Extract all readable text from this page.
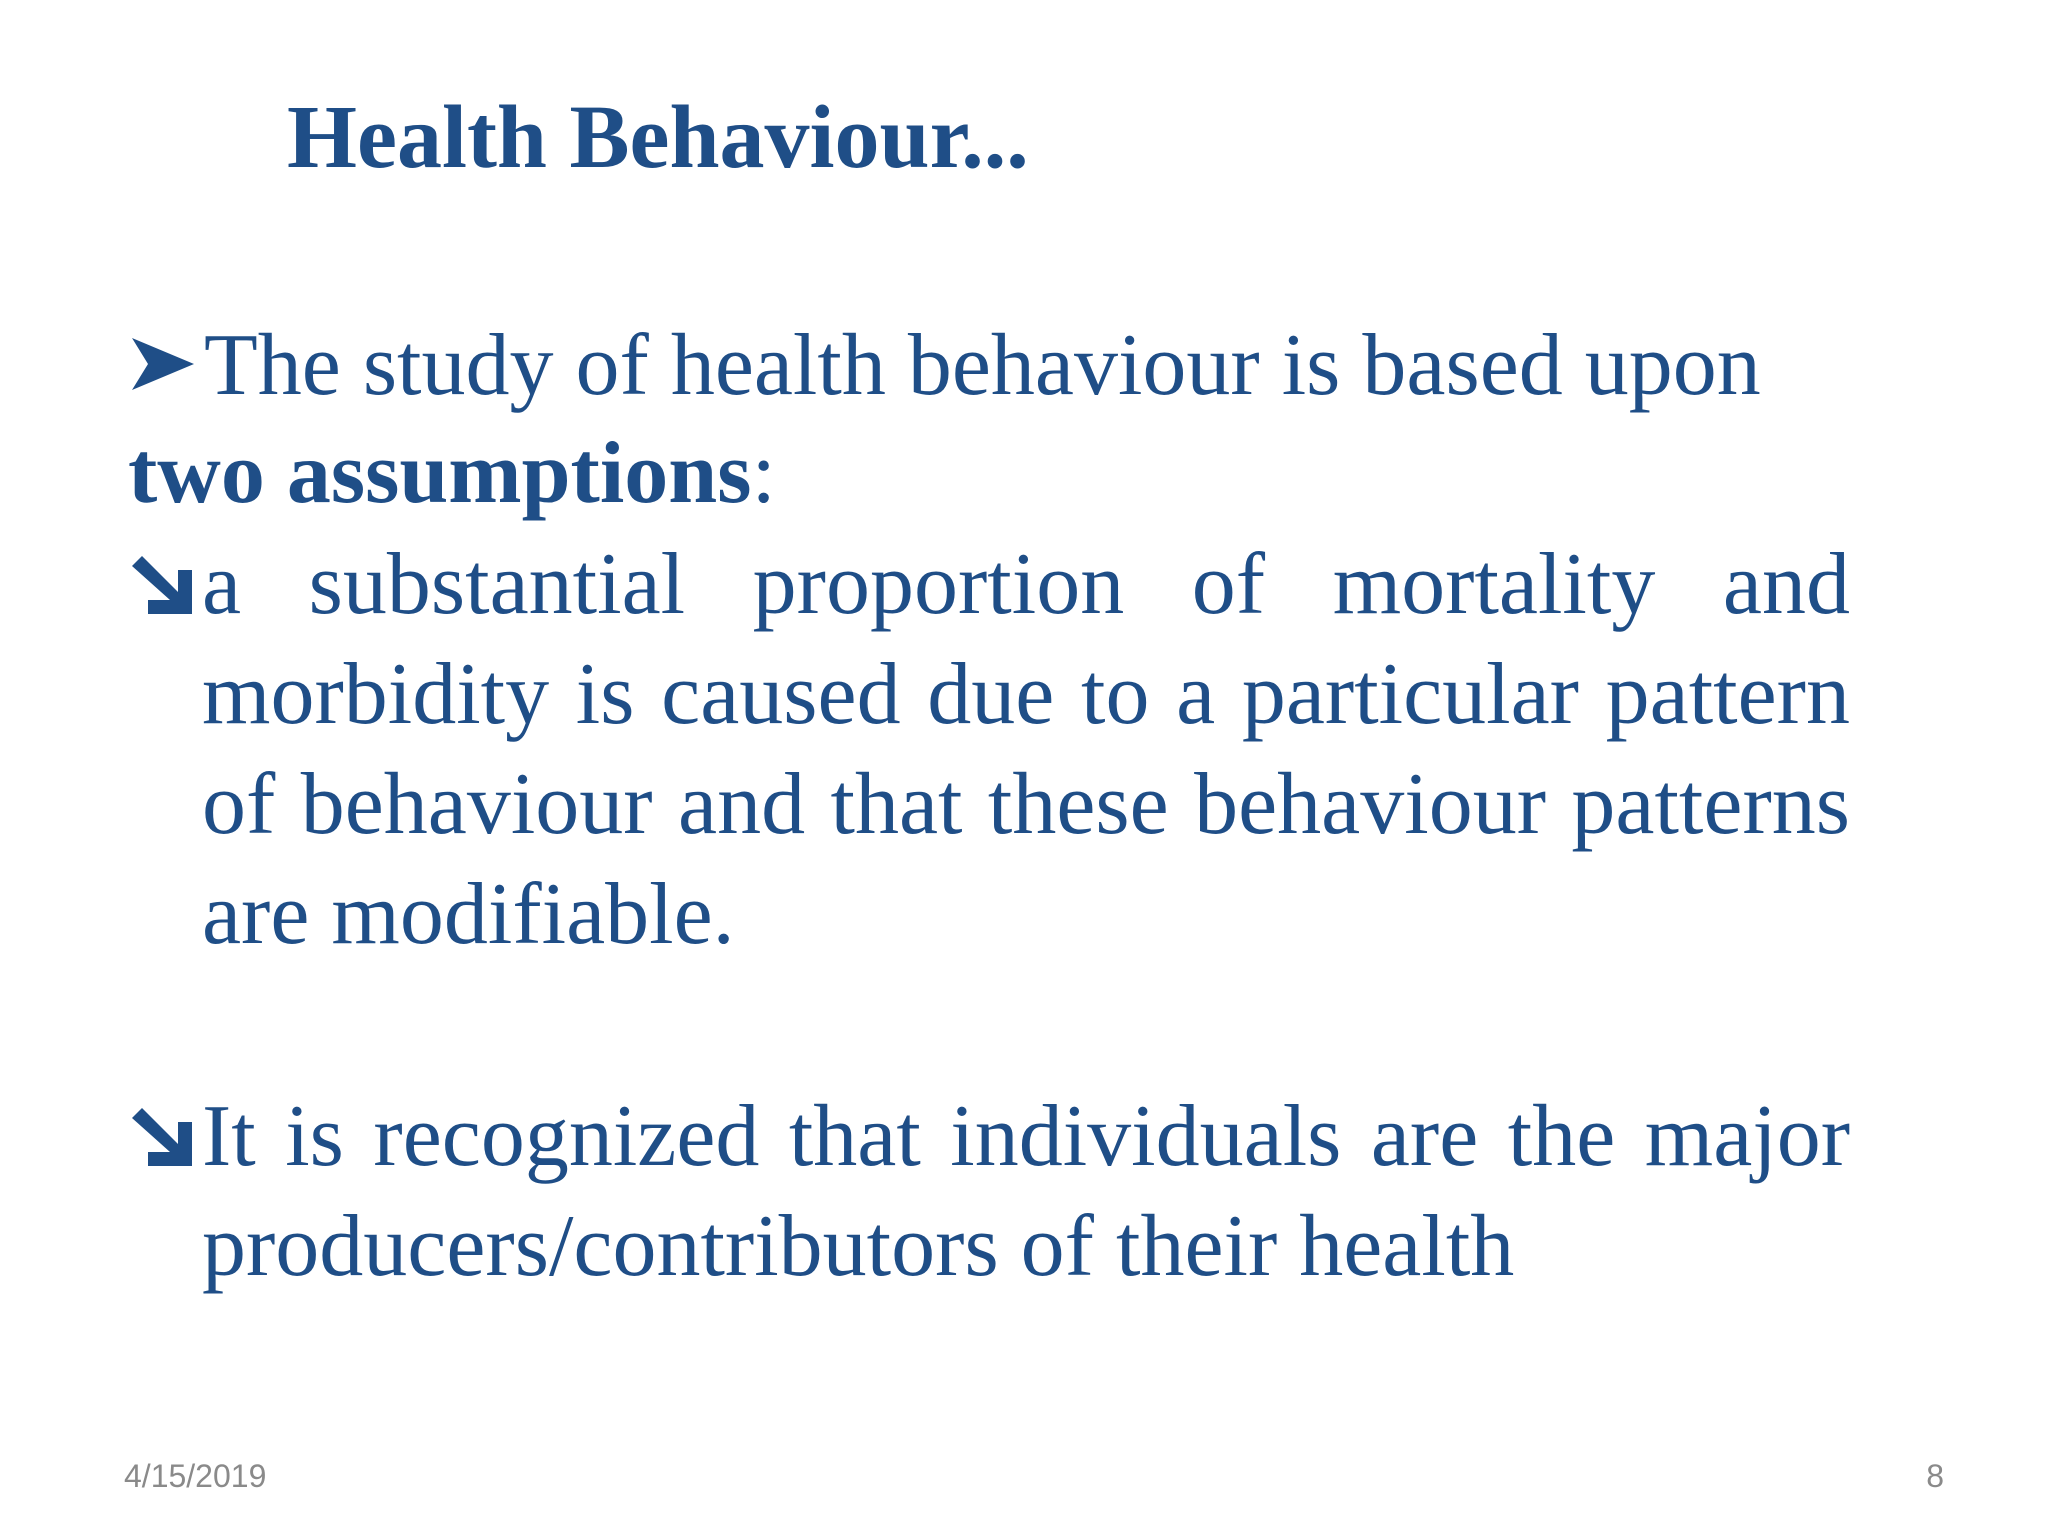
Health Behaviour...
The study of health behaviour is based upon
two assumptions:
a substantial proportion of mortality and morbidity is caused due to a particular pattern of behaviour and that these behaviour patterns are modifiable.
It is recognized that individuals are the major producers/contributors of their health
4/15/2019	8
